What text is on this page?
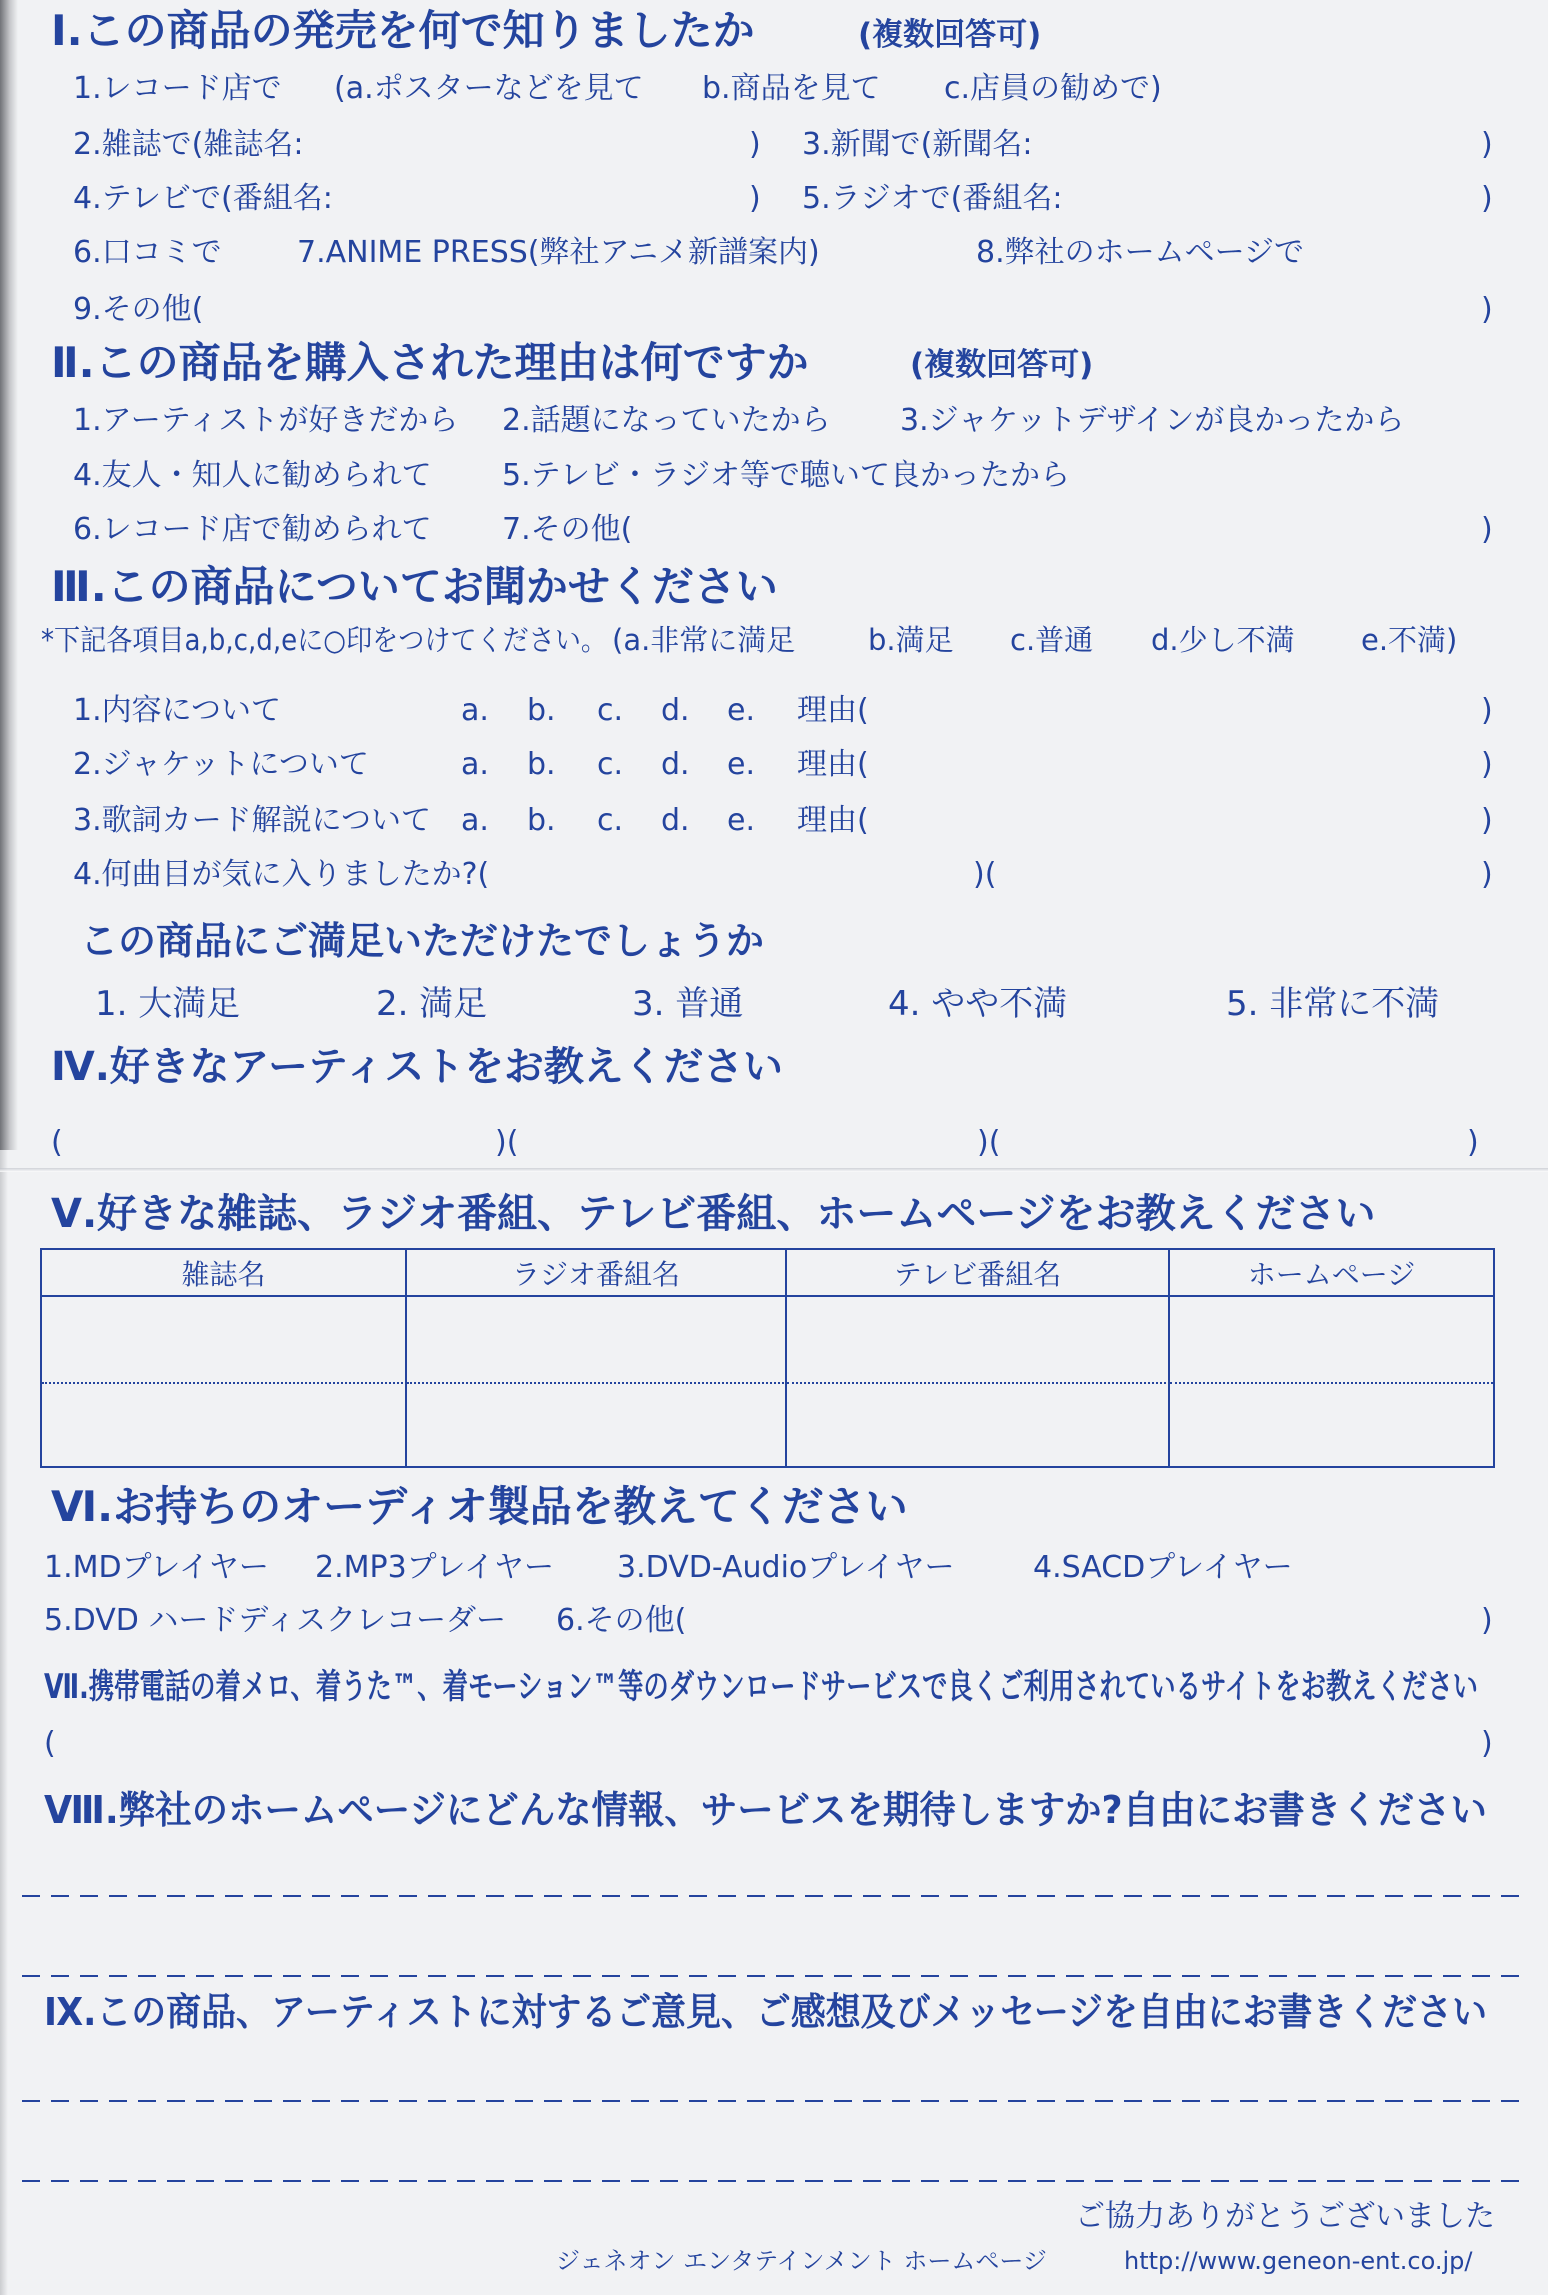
Ⅰ.この商品の発売を何で知りましたか	(複数回答可)
1.レコード店で (a.ポスターなどを見て b.商品を見て c.店員の勧めで)
2.雑誌で(雑誌名:	) 3.新聞で(新聞名:	)
4.テレビで(番組名:	) 5.ラジオで(番組名:	)
6.口コミで	7.ANIME PRESS(弊社アニメ新譜案内)	8.弊社のホームページで
9.その他(	)
Ⅱ.この商品を購入された理由は何ですか	(複数回答可)
1.アーティストが好きだから 2.話題になっていたから 3.ジャケットデザインが良かったから
4.友人・知人に勧められて 5.テレビ・ラジオ等で聴いて良かったから
6.レコード店で勧められて 7.その他(	)
Ⅲ.この商品についてお聞かせください
*下記各項目a,b,c,d,eに○印をつけてください。 (a.非常に満足	b.満足 c.普通 d.少し不満 e.不満)
1.内容について	a. b. c. d. e. 理由(	)
2.ジャケットについて	a. b. c. d. e. 理由(	)
3.歌詞カード解説について a. b. c. d. e. 理由(	)
4.何曲目が気に入りましたか?(	)(	)
この商品にご満足いただけたでしょうか
1. 大満足	2. 満足	3. 普通	4. やや不満	5. 非常に不満
Ⅳ.好きなアーティストをお教えください
(	)(	)(	)
Ⅴ.好きな雑誌、ラジオ番組、テレビ番組、ホームページをお教えください
雑誌名	ラジオ番組名	テレビ番組名	ホームページ
Ⅵ.お持ちのオーディオ製品を教えてください
1.MDプレイヤー 2.MP3プレイヤー 3.DVD-Audioプレイヤー	4.SACDプレイヤー
5.DVD ハードディスクレコーダー 6.その他(	)
Ⅶ.携帯電話の着メロ、着うた™、着モーション™等のダウンロードサービスで良くご利用されているサイトをお教えください
(	)
Ⅷ.弊社のホームページにどんな情報、サービスを期待しますか?自由にお書きください
Ⅸ.この商品、アーティストに対するご意見、ご感想及びメッセージを自由にお書きください
ご協力ありがとうございました
ジェネオン エンタテインメント ホームページ	http://www.geneon-ent.co.jp/
